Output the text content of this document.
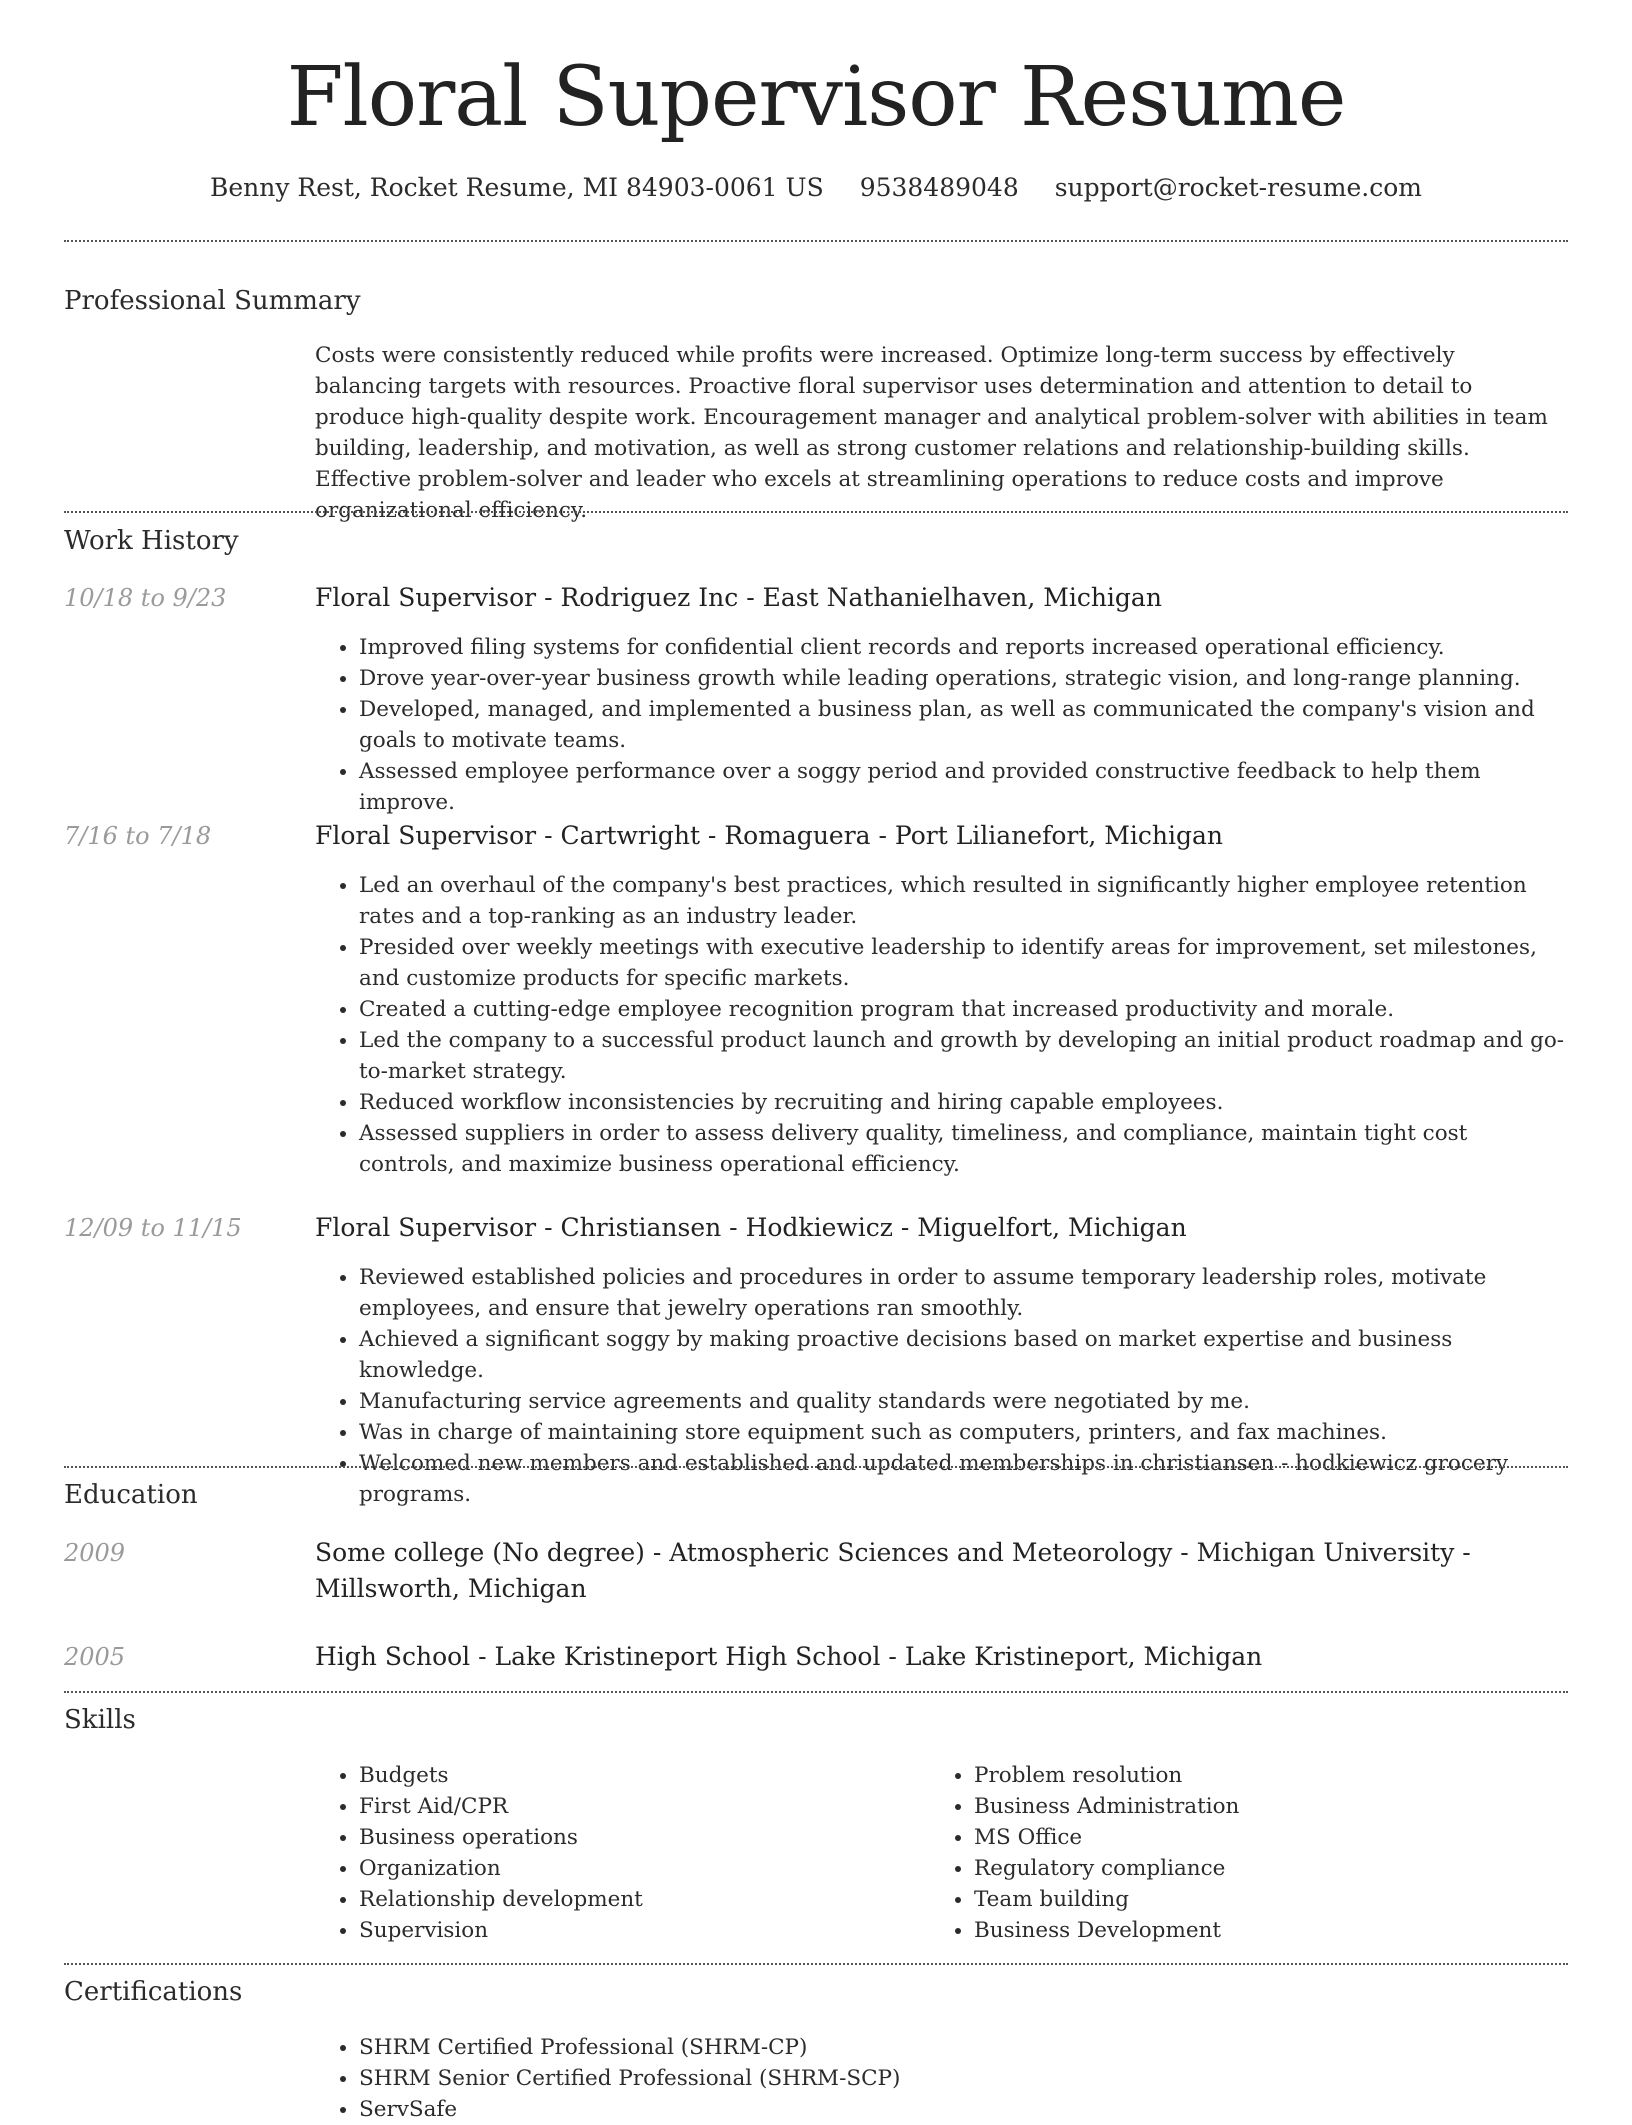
Floral Supervisor Resume
Benny Rest, Rocket Resume, MI 84903-0061 US 9538489048 support@rocket-resume.com
Professional Summary

Costs were consistently reduced while profits were increased. Optimize long-term success by effectively balancing targets with resources. Proactive floral supervisor uses determination and attention to detail to produce high-quality despite work. Encouragement manager and analytical problem-solver with abilities in team building, leadership, and motivation, as well as strong customer relations and relationship-building skills. Effective problem-solver and leader who excels at streamlining operations to reduce costs and improve organizational efficiency.

Work History
10/18 to 9/23	Floral Supervisor - Rodriguez Inc - East Nathanielhaven, Michigan
• Improved filing systems for confidential client records and reports increased operational efficiency.
• Drove year-over-year business growth while leading operations, strategic vision, and long-range planning.
• Developed, managed, and implemented a business plan, as well as communicated the company's vision and goals to motivate teams.
• Assessed employee performance over a soggy period and provided constructive feedback to help them improve.
7/16 to 7/18	Floral Supervisor - Cartwright - Romaguera - Port Lilianefort, Michigan
• Led an overhaul of the company's best practices, which resulted in significantly higher employee retention rates and a top-ranking as an industry leader.
• Presided over weekly meetings with executive leadership to identify areas for improvement, set milestones, and customize products for specific markets.
• Created a cutting-edge employee recognition program that increased productivity and morale.
• Led the company to a successful product launch and growth by developing an initial product roadmap and go-to-market strategy.
• Reduced workflow inconsistencies by recruiting and hiring capable employees.
• Assessed suppliers in order to assess delivery quality, timeliness, and compliance, maintain tight cost controls, and maximize business operational efficiency.
12/09 to 11/15	Floral Supervisor - Christiansen - Hodkiewicz - Miguelfort, Michigan
• Reviewed established policies and procedures in order to assume temporary leadership roles, motivate employees, and ensure that jewelry operations ran smoothly.
• Achieved a significant soggy by making proactive decisions based on market expertise and business knowledge.
• Manufacturing service agreements and quality standards were negotiated by me.
• Was in charge of maintaining store equipment such as computers, printers, and fax machines.
• Welcomed new members and established and updated memberships in christiansen - hodkiewicz grocery programs.
Education
2009	Some college (No degree) - Atmospheric Sciences and Meteorology - Michigan University - Millsworth, Michigan
2005	High School - Lake Kristineport High School - Lake Kristineport, Michigan
Skills
• Budgets
• First Aid/CPR
• Business operations
• Organization
• Relationship development
• Supervision
• Problem resolution
• Business Administration
• MS Office
• Regulatory compliance
• Team building
• Business Development
Certifications
• SHRM Certified Professional (SHRM-CP)
• SHRM Senior Certified Professional (SHRM-SCP)
• ServSafe
